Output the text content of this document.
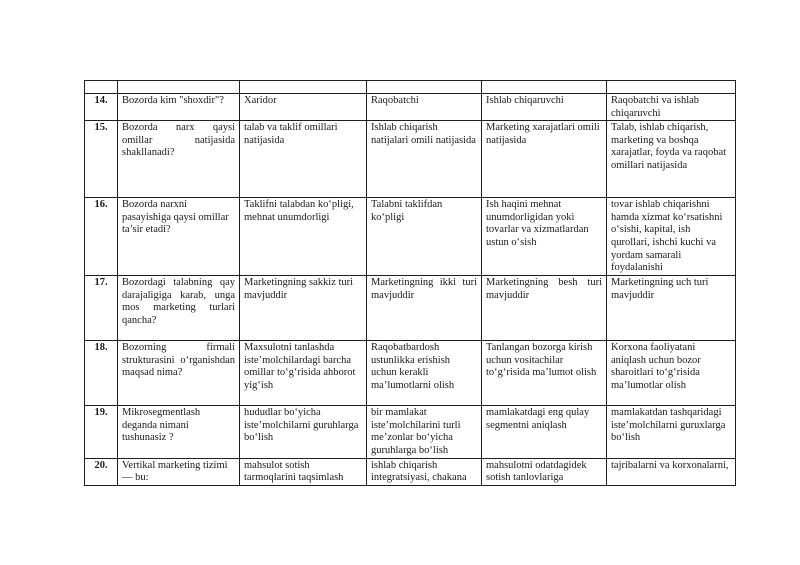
14.	Bozorda kim "shoxdir"?	Xaridor	Raqobatchi	Ishlab chiqaruvchi	Raqobatchi va ishlab chiqaruvchi
15.	Bozorda narx qaysi omillar natijasida shakllanadi?	talab va taklif omillari natijasida	Ishlab chiqarish natijalari omili natijasida	Marketing xarajatlari omili natijasida	Talab, ishlab chiqarish, marketing va boshqa xarajatlar, foyda va raqobat omillari natijasida
16.	Bozorda narxni pasayishiga qaysi omillar ta’sir etadi?	Taklifni talabdan ko‘pligi, mehnat unumdorligi	Talabni taklifdan ko‘pligi	Ish haqini mehnat unumdorligidan yoki tovarlar va xizmatlardan ustun o‘sish	tovar ishlab chiqarishni hamda xizmat ko‘rsatishni o‘sishi, kapital, ish qurollari, ishchi kuchi va yordam samarali foydalanishi
17.	Bozordagi talabning qay darajaligiga karab, unga mos marketing turlari qancha?	Marketingning sakkiz turi mavjuddir	Marketingning ikki turi mavjuddir	Marketingning besh turi mavjuddir	Marketingning uch turi mavjuddir
18.	Bozorning firmali strukturasini o‘rganishdan maqsad nima?	Maxsulotni tanlashda iste’molchilardagi barcha omillar to‘g‘risida ahborot yig‘ish	Raqobatbardosh ustunlikka erishish uchun kerakli ma’lumotlarni olish	Tanlangan bozorga kirish uchun vositachilar to‘g‘risida ma’lumot olish	Korxona faoliyatani aniqlash uchun bozor sharoitlari to‘g‘risida ma’lumotlar olish
19.	Mikrosegmentlash deganda nimani tushunasiz ?	hududlar bo‘yicha iste’molchilarni guruhlarga bo‘lish	bir mamlakat iste’molchilarini turli me’zonlar bo‘yicha guruhlarga bo‘lish	mamlakatdagi eng qulay segmentni aniqlash	mamlakatdan tashqaridagi iste’molchilarni guruxlarga bo‘lish
20.	Vertikal marketing tizimi — bu:	mahsulot sotish tarmoqlarini taqsimlash	ishlab chiqarish integratsiyasi, chakana	mahsulotni odatdagidek sotish tanlovlariga	tajribalarni va korxonalarni,
